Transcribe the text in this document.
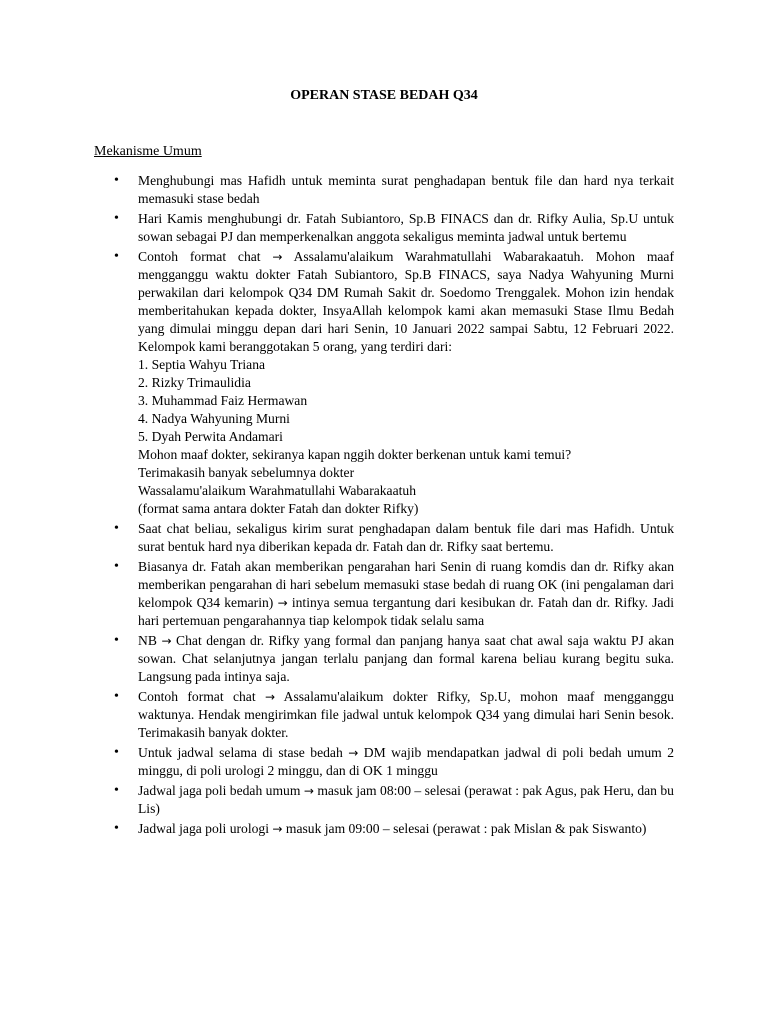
OPERAN STASE BEDAH Q34
Mekanisme Umum
• Menghubungi mas Hafidh untuk meminta surat penghadapan bentuk file dan hard nya terkait memasuki stase bedah
• Hari Kamis menghubungi dr. Fatah Subiantoro, Sp.B FINACS dan dr. Rifky Aulia, Sp.U untuk sowan sebagai PJ dan memperkenalkan anggota sekaligus meminta jadwal untuk bertemu
• Contoh format chat → Assalamu'alaikum Warahmatullahi Wabarakaatuh. Mohon maaf mengganggu waktu dokter Fatah Subiantoro, Sp.B FINACS, saya Nadya Wahyuning Murni perwakilan dari kelompok Q34 DM Rumah Sakit dr. Soedomo Trenggalek. Mohon izin hendak memberitahukan kepada dokter, InsyaAllah kelompok kami akan memasuki Stase Ilmu Bedah yang dimulai minggu depan dari hari Senin, 10 Januari 2022 sampai Sabtu, 12 Februari 2022. Kelompok kami beranggotakan 5 orang, yang terdiri dari:
1. Septia Wahyu Triana
2. Rizky Trimaulidia
3. Muhammad Faiz Hermawan
4. Nadya Wahyuning Murni
5. Dyah Perwita Andamari
Mohon maaf dokter, sekiranya kapan nggih dokter berkenan untuk kami temui?
Terimakasih banyak sebelumnya dokter
Wassalamu'alaikum Warahmatullahi Wabarakaatuh
(format sama antara dokter Fatah dan dokter Rifky)
• Saat chat beliau, sekaligus kirim surat penghadapan dalam bentuk file dari mas Hafidh. Untuk surat bentuk hard nya diberikan kepada dr. Fatah dan dr. Rifky saat bertemu.
• Biasanya dr. Fatah akan memberikan pengarahan hari Senin di ruang komdis dan dr. Rifky akan memberikan pengarahan di hari sebelum memasuki stase bedah di ruang OK (ini pengalaman dari kelompok Q34 kemarin) → intinya semua tergantung dari kesibukan dr. Fatah dan dr. Rifky. Jadi hari pertemuan pengarahannya tiap kelompok tidak selalu sama
• NB → Chat dengan dr. Rifky yang formal dan panjang hanya saat chat awal saja waktu PJ akan sowan. Chat selanjutnya jangan terlalu panjang dan formal karena beliau kurang begitu suka. Langsung pada intinya saja.
• Contoh format chat → Assalamu'alaikum dokter Rifky, Sp.U, mohon maaf mengganggu waktunya. Hendak mengirimkan file jadwal untuk kelompok Q34 yang dimulai hari Senin besok. Terimakasih banyak dokter.
• Untuk jadwal selama di stase bedah → DM wajib mendapatkan jadwal di poli bedah umum 2 minggu, di poli urologi 2 minggu, dan di OK 1 minggu
• Jadwal jaga poli bedah umum → masuk jam 08:00 – selesai (perawat : pak Agus, pak Heru, dan bu Lis)
• Jadwal jaga poli urologi → masuk jam 09:00 – selesai (perawat : pak Mislan & pak Siswanto)
